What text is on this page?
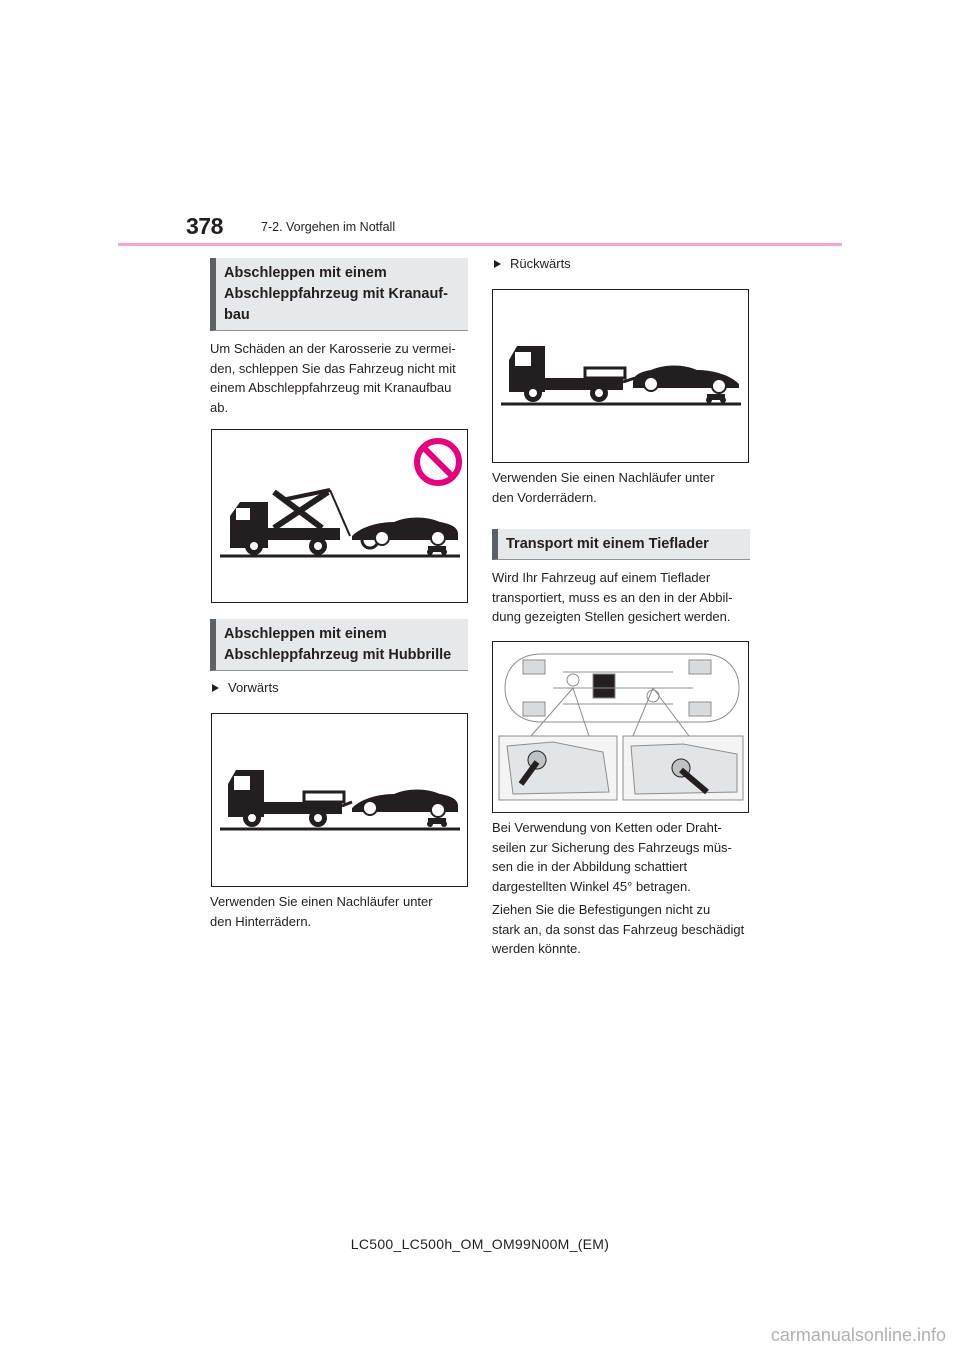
378	7-2. Vorgehen im Notfall
Abschleppen mit einem
Abschleppfahrzeug mit Kranauf-
bau
Um Schäden an der Karosserie zu vermei-
den, schleppen Sie das Fahrzeug nicht mit
einem Abschleppfahrzeug mit Kranaufbau
ab.
Abschleppen mit einem
Abschleppfahrzeug mit Hubbrille
Vorwärts
Verwenden Sie einen Nachläufer unter
den Hinterrädern.
Rückwärts
Verwenden Sie einen Nachläufer unter
den Vorderrädern.
Transport mit einem Tieflader
Wird Ihr Fahrzeug auf einem Tieflader
transportiert, muss es an den in der Abbil-
dung gezeigten Stellen gesichert werden.
Bei Verwendung von Ketten oder Draht-
seilen zur Sicherung des Fahrzeugs müs-
sen die in der Abbildung schattiert
dargestellten Winkel 45° betragen.
Ziehen Sie die Befestigungen nicht zu
stark an, da sonst das Fahrzeug beschädigt
werden könnte.
LC500_LC500h_OM_OM99N00M_(EM)
carmanualsonline.info
